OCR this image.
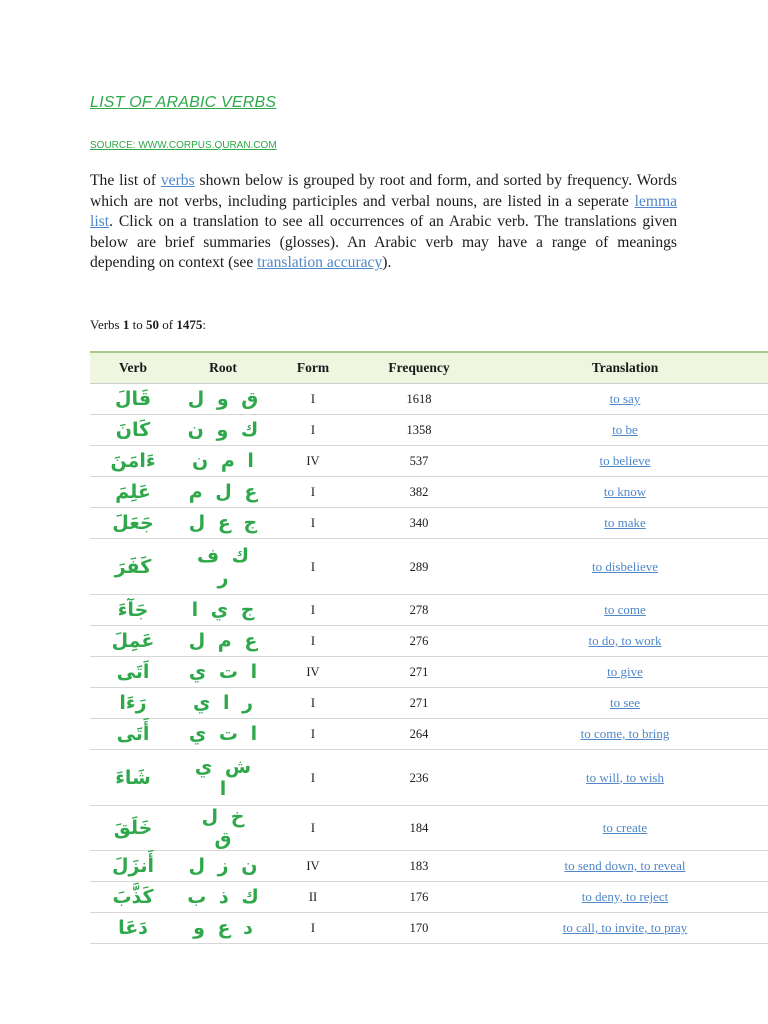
LIST OF ARABIC VERBS
SOURCE: WWW.CORPUS.QURAN.COM
The list of verbs shown below is grouped by root and form, and sorted by frequency. Words which are not verbs, including participles and verbal nouns, are listed in a seperate lemma list. Click on a translation to see all occurrences of an Arabic verb. The translations given below are brief summaries (glosses). An Arabic verb may have a range of meanings depending on context (see translation accuracy).
Verbs 1 to 50 of 1475:
Verb	Root	Form	Frequency	Translation
قَالَ	ق و ل	I	1618	to say
كَانَ	ك و ن	I	1358	to be
ءَامَنَ	ا م ن	IV	537	to believe
عَلِمَ	ع ل م	I	382	to know
جَعَلَ	ج ع ل	I	340	to make
كَفَرَ	ك ف ر	I	289	to disbelieve
جَآءَ	ج ي ا	I	278	to come
عَمِلَ	ع م ل	I	276	to do, to work
اَتَى	ا ت ي	IV	271	to give
رَءَا	ر ا ي	I	271	to see
أَتَى	ا ت ي	I	264	to come, to bring
شَاءَ	ش ي ا	I	236	to will, to wish
خَلَقَ	خ ل ق	I	184	to create
أَنزَلَ	ن ز ل	IV	183	to send down, to reveal
كَذَّبَ	ك ذ ب	II	176	to deny, to reject
دَعَا	د ع و	I	170	to call, to invite, to pray
